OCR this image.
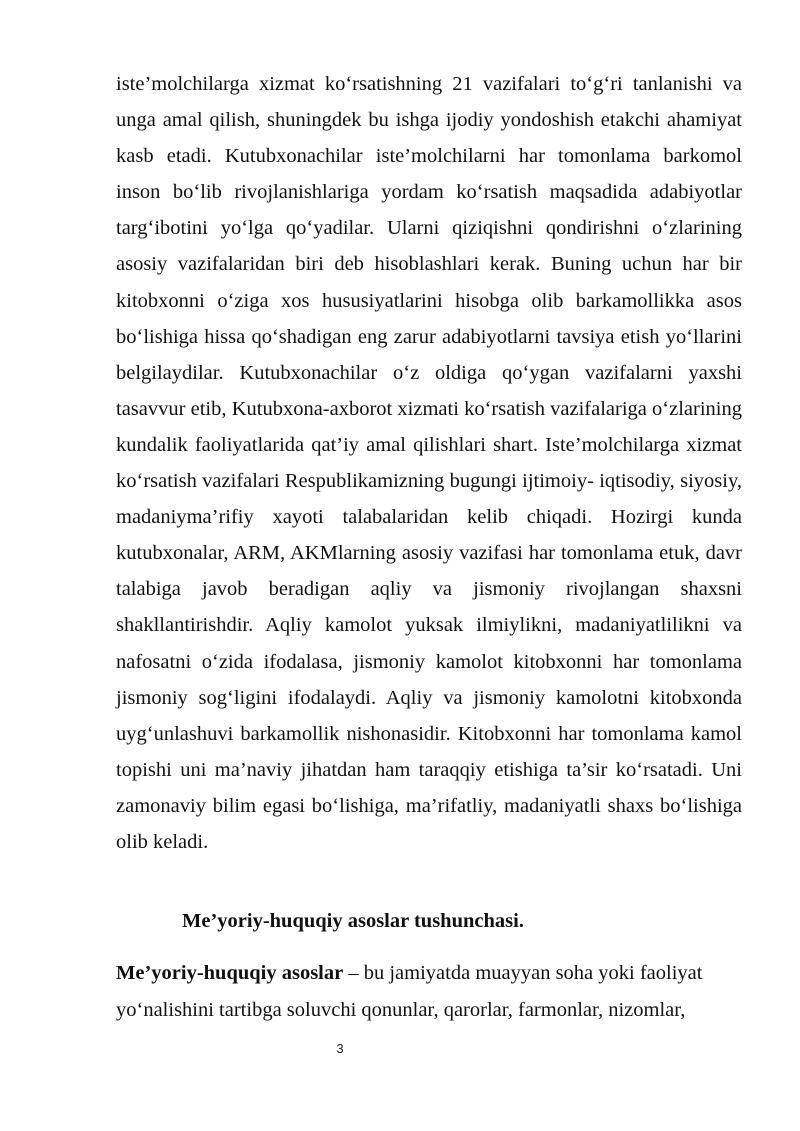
iste’molchilarga xizmat ko‘rsatishning 21 vazifalari to‘g‘ri tanlanishi va unga amal qilish, shuningdek bu ishga ijodiy yondoshish etakchi ahamiyat kasb etadi. Kutubxonachilar iste’molchilarni har tomonlama barkomol inson bo‘lib rivojlanishlariga yordam ko‘rsatish maqsadida adabiyotlar targ‘ibotini yo‘lga qo‘yadilar. Ularni qiziqishni qondirishni o‘zlarining asosiy vazifalaridan biri deb hisoblashlari kerak. Buning uchun har bir kitobxonni o‘ziga xos hususiyatlarini hisobga olib barkamollikka asos bo‘lishiga hissa qo‘shadigan eng zarur adabiyotlarni tavsiya etish yo‘llarini belgilaydilar. Kutubxonachilar o‘z oldiga qo‘ygan vazifalarni yaxshi tasavvur etib, Kutubxona-axborot xizmati ko‘rsatish vazifalariga o‘zlarining kundalik faoliyatlarida qat’iy amal qilishlari shart. Iste’molchilarga xizmat ko‘rsatish vazifalari Respublikamizning bugungi ijtimoiy- iqtisodiy, siyosiy, madaniyma’rifiy xayoti talabalaridan kelib chiqadi. Hozirgi kunda kutubxonalar, ARM, AKMlarning asosiy vazifasi har tomonlama etuk, davr talabiga javob beradigan aqliy va jismoniy rivojlangan shaxsni shakllantirishdir. Aqliy kamolot yuksak ilmiylikni, madaniyatlilikni va nafosatni o‘zida ifodalasa, jismoniy kamolot kitobxonni har tomonlama jismoniy sog‘ligini ifodalaydi. Aqliy va jismoniy kamolotni kitobxonda uyg‘unlashuvi barkamollik nishonasidir. Kitobxonni har tomonlama kamol topishi uni ma’naviy jihatdan ham taraqqiy etishiga ta’sir ko‘rsatadi. Uni zamonaviy bilim egasi bo‘lishiga, ma’rifatliy, madaniyatli shaxs bo‘lishiga olib keladi.

Me’yoriy-huquqiy asoslar tushunchasi.

Me’yoriy-huquqiy asoslar – bu jamiyatda muayyan soha yoki faoliyat yo‘nalishini tartibga soluvchi qonunlar, qarorlar, farmonlar, nizomlar,

3
